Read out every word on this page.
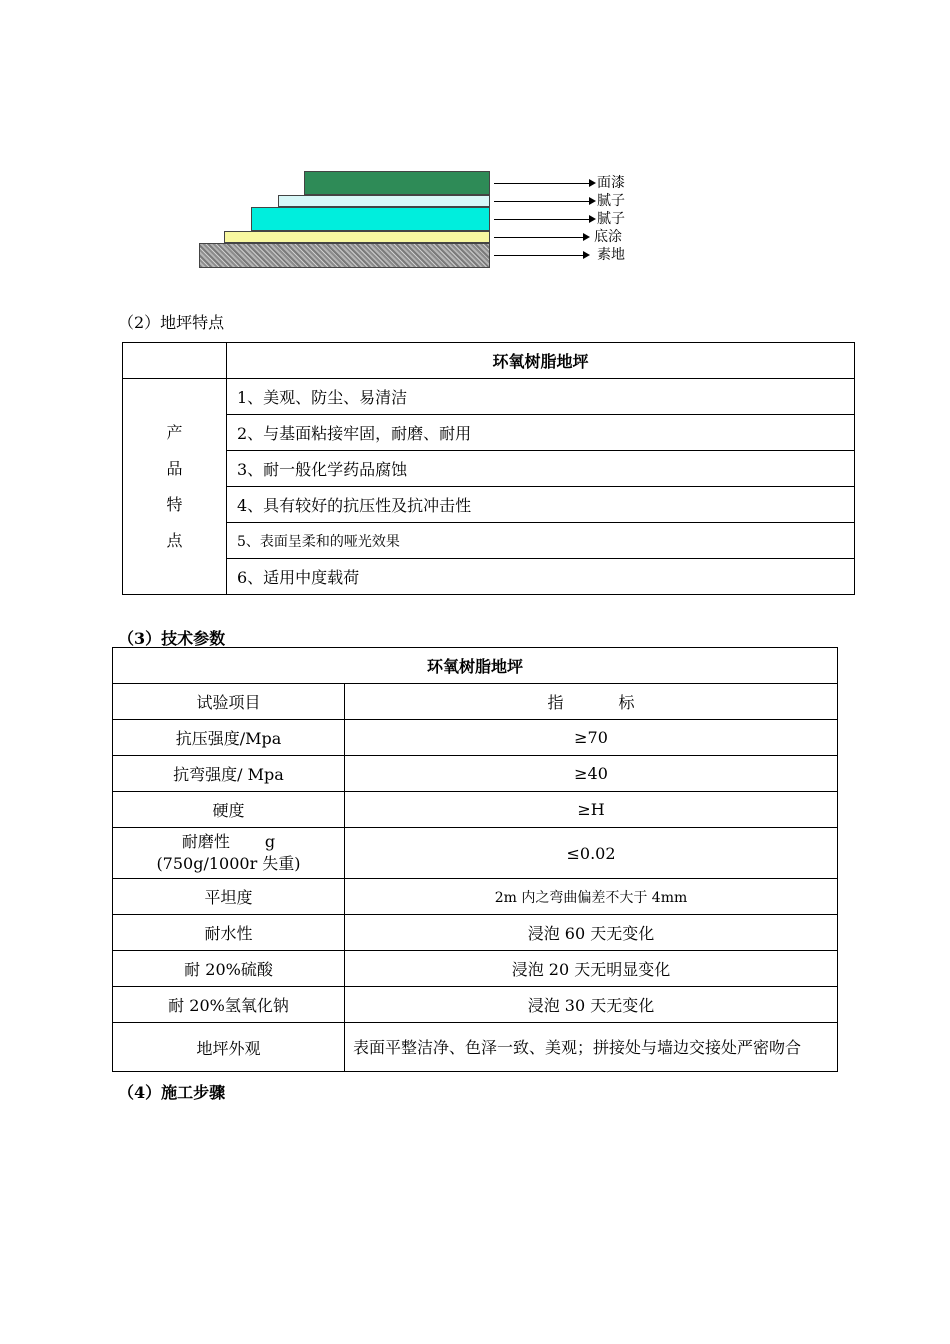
面漆
腻子
腻子
底涂
素地
（2）地坪特点
	环氧树脂地坪

产
品
特
点	1、美观、防尘、易清洁
	2、与基面粘接牢固，耐磨、耐用
	3、耐一般化学药品腐蚀
	4、具有较好的抗压性及抗冲击性
	5、表面呈柔和的哑光效果
	6、适用中度载荷
（3）技术参数
环氧树脂地坪	
试验项目	指 标
抗压强度/Mpa	≥70
抗弯强度/ Mpa	≥40
硬度	≥H

耐磨性 g
(750g/1000r 失重)	≤0.02
平坦度	2m 内之弯曲偏差不大于 4mm
耐水性	浸泡 60 天无变化
耐 20%硫酸	浸泡 20 天无明显变化
耐 20%氢氧化钠	浸泡 30 天无变化
地坪外观	表面平整洁净、色泽一致、美观；拼接处与墙边交接处严密吻合
（4）施工步骤
